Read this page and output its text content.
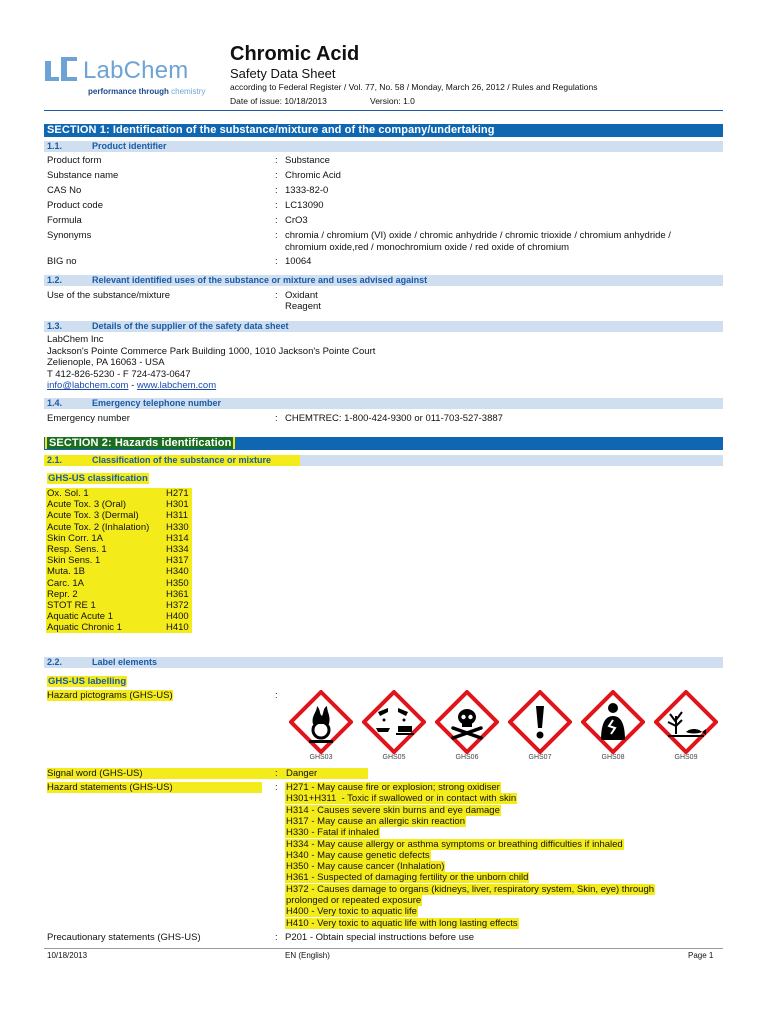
LabChem
performance through chemistry
Chromic Acid
Safety Data Sheet
according to Federal Register / Vol. 77, No. 58 / Monday, March 26, 2012 / Rules and Regulations
Date of issue: 10/18/2013	Version: 1.0
SECTION 1: Identification of the substance/mixture and of the company/undertaking
1.1.	Product identifier
Product form	: Substance
Substance name	: Chromic Acid
CAS No	: 1333-82-0
Product code	: LC13090
Formula	: CrO3
Synonyms	: chromia / chromium (VI) oxide / chromic anhydride / chromic trioxide / chromium anhydride / chromium oxide,red / monochromium oxide / red oxide of chromium
BIG no	: 10064
1.2.	Relevant identified uses of the substance or mixture and uses advised against
Use of the substance/mixture	: Oxidant
Reagent
1.3.	Details of the supplier of the safety data sheet
LabChem Inc
Jackson's Pointe Commerce Park Building 1000, 1010 Jackson's Pointe Court
Zelienople, PA 16063 - USA
T 412-826-5230 - F 724-473-0647
info@labchem.com - www.labchem.com
1.4.	Emergency telephone number
Emergency number	: CHEMTREC: 1-800-424-9300 or 011-703-527-3887
SECTION 2: Hazards identification
2.1.	Classification of the substance or mixture
GHS-US classification
Ox. Sol. 1	H271
Acute Tox. 3 (Oral)	H301
Acute Tox. 3 (Dermal)	H311
Acute Tox. 2 (Inhalation)	H330
Skin Corr. 1A	H314
Resp. Sens. 1	H334
Skin Sens. 1	H317
Muta. 1B	H340
Carc. 1A	H350
Repr. 2	H361
STOT RE 1	H372
Aquatic Acute 1	H400
Aquatic Chronic 1	H410
2.2.	Label elements
GHS-US labelling
Hazard pictograms (GHS-US)	:
GHS03	GHS05	GHS06	GHS07	GHS08	GHS09
Signal word (GHS-US)	: Danger
Hazard statements (GHS-US)	: H271 - May cause fire or explosion; strong oxidiser
H301+H311  - Toxic if swallowed or in contact with skin
H314 - Causes severe skin burns and eye damage
H317 - May cause an allergic skin reaction
H330 - Fatal if inhaled
H334 - May cause allergy or asthma symptoms or breathing difficulties if inhaled
H340 - May cause genetic defects
H350 - May cause cancer (Inhalation)
H361 - Suspected of damaging fertility or the unborn child
H372 - Causes damage to organs (kidneys, liver, respiratory system, Skin, eye) through
prolonged or repeated exposure
H400 - Very toxic to aquatic life
H410 - Very toxic to aquatic life with long lasting effects
Precautionary statements (GHS-US)	: P201 - Obtain special instructions before use
10/18/2013	EN (English)	Page 1
